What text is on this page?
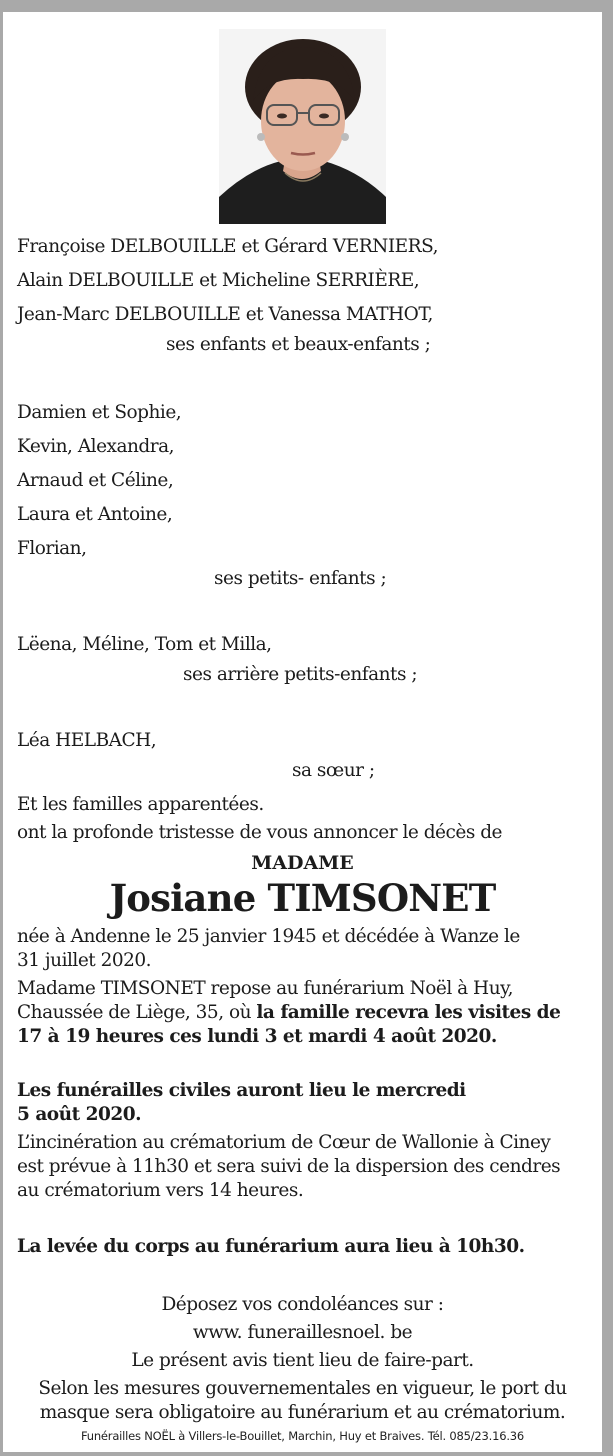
Françoise DELBOUILLE et Gérard VERNIERS,
Alain DELBOUILLE et Micheline SERRIÈRE,
Jean-Marc DELBOUILLE et Vanessa MATHOT,
ses enfants et beaux-enfants ;
Damien et Sophie,
Kevin, Alexandra,
Arnaud et Céline,
Laura et Antoine,
Florian,
ses petits- enfants ;
Lëena, Méline, Tom et Milla,
ses arrière petits-enfants ;
Léa HELBACH,
sa sœur ;
Et les familles apparentées.
ont la profonde tristesse de vous annoncer le décès de
MADAME
Josiane TIMSONET
née à Andenne le 25 janvier 1945 et décédée à Wanze le
31 juillet 2020.
Madame TIMSONET repose au funérarium Noël à Huy,
Chaussée de Liège, 35, où la famille recevra les visites de
17 à 19 heures ces lundi 3 et mardi 4 août 2020.
Les funérailles civiles auront lieu le mercredi
5 août 2020.
L’incinération au crématorium de Cœur de Wallonie à Ciney
est prévue à 11h30 et sera suivi de la dispersion des cendres
au crématorium vers 14 heures.
La levée du corps au funérarium aura lieu à 10h30.
Déposez vos condoléances sur :
www. funeraillesnoel. be
Le présent avis tient lieu de faire-part.
Selon les mesures gouvernementales en vigueur, le port du
masque sera obligatoire au funérarium et au crématorium.
Funérailles NOËL à Villers-le-Bouillet, Marchin, Huy et Braives. Tél. 085/23.16.36
